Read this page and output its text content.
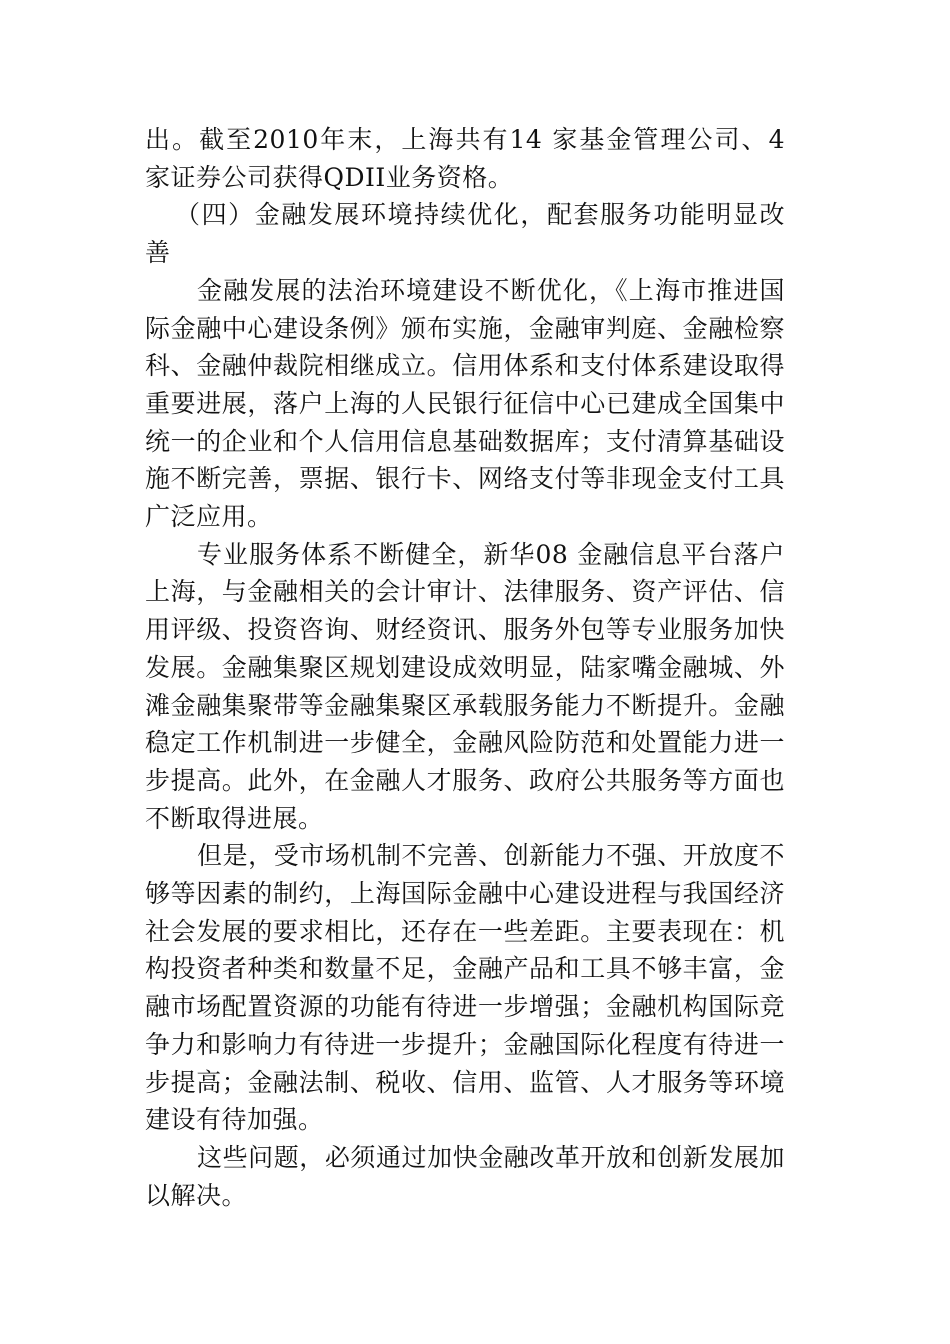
出。截至2010年末，上海共有14 家基金管理公司、4 家证券公司获得QDII业务资格。

（四）金融发展环境持续优化，配套服务功能明显改善

金融发展的法治环境建设不断优化，《上海市推进国际金融中心建设条例》颁布实施，金融审判庭、金融检察科、金融仲裁院相继成立。信用体系和支付体系建设取得重要进展，落户上海的人民银行征信中心已建成全国集中统一的企业和个人信用信息基础数据库；支付清算基础设施不断完善，票据、银行卡、网络支付等非现金支付工具广泛应用。

专业服务体系不断健全，新华08 金融信息平台落户上海，与金融相关的会计审计、法律服务、资产评估、信用评级、投资咨询、财经资讯、服务外包等专业服务加快发展。金融集聚区规划建设成效明显，陆家嘴金融城、外滩金融集聚带等金融集聚区承载服务能力不断提升。金融稳定工作机制进一步健全，金融风险防范和处置能力进一步提高。此外，在金融人才服务、政府公共服务等方面也不断取得进展。

但是，受市场机制不完善、创新能力不强、开放度不够等因素的制约，上海国际金融中心建设进程与我国经济社会发展的要求相比，还存在一些差距。主要表现在：机构投资者种类和数量不足，金融产品和工具不够丰富，金融市场配置资源的功能有待进一步增强；金融机构国际竞争力和影响力有待进一步提升；金融国际化程度有待进一步提高；金融法制、税收、信用、监管、人才服务等环境建设有待加强。

这些问题，必须通过加快金融改革开放和创新发展加以解决。
